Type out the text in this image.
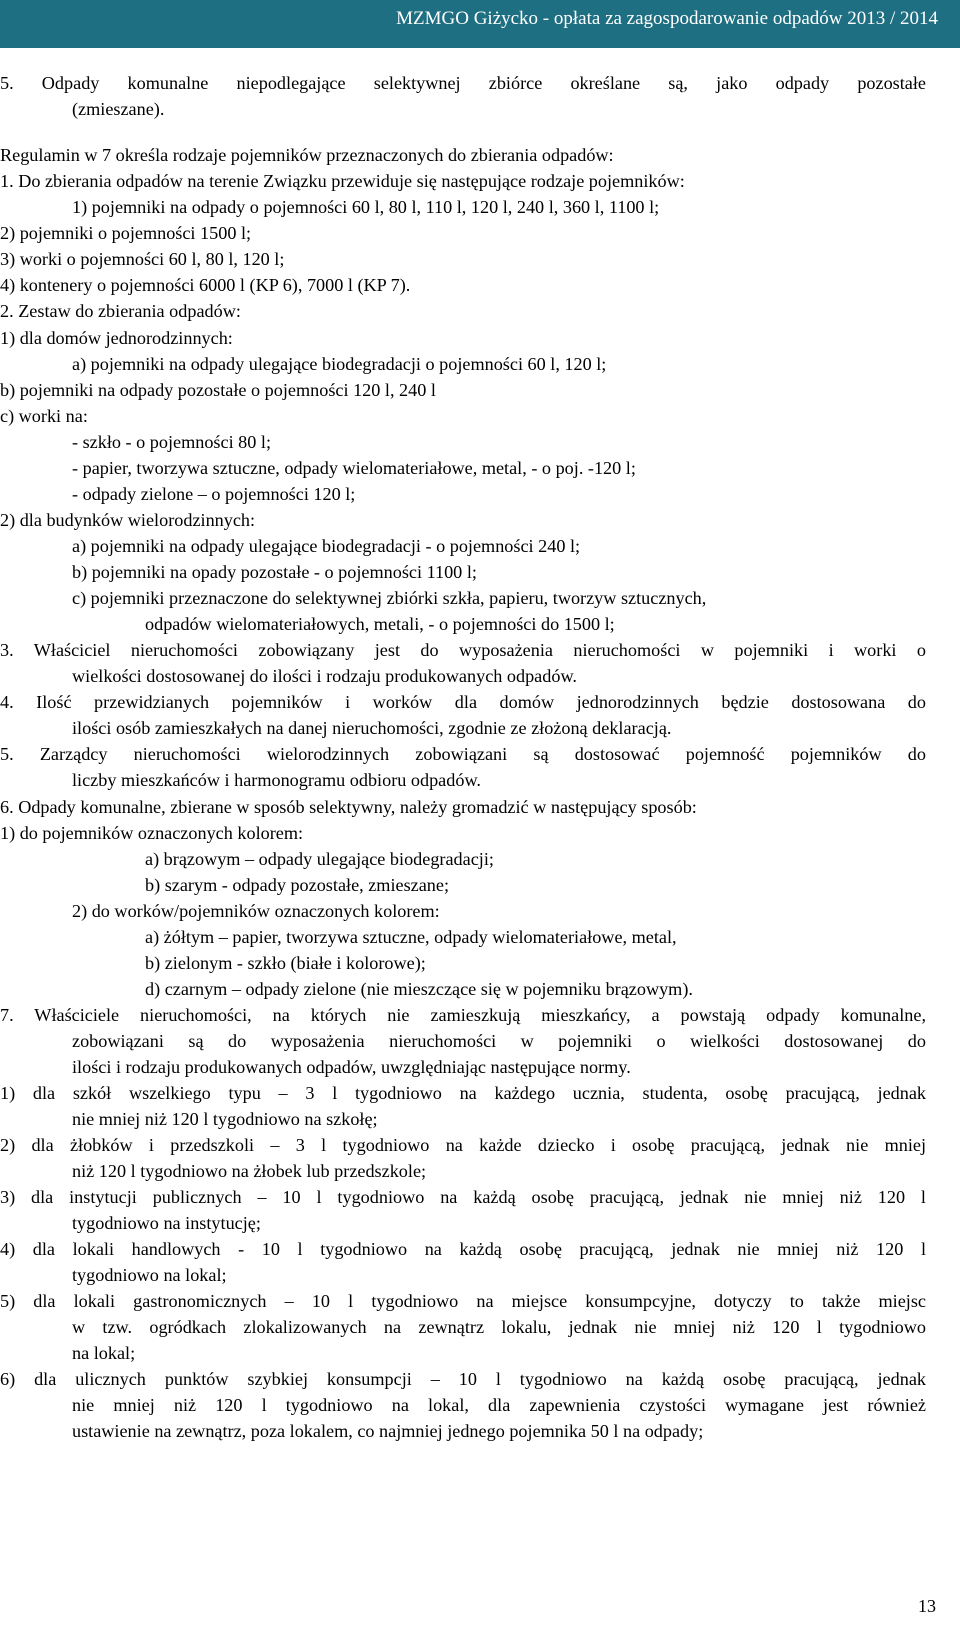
MZMGO Giżycko - opłata za zagospodarowanie odpadów 2013 / 2014
5. Odpady komunalne niepodlegające selektywnej zbiórce określane są, jako odpady pozostałe
(zmieszane).
Regulamin w 7 określa rodzaje pojemników przeznaczonych do zbierania odpadów:
1. Do zbierania odpadów na terenie Związku przewiduje się następujące rodzaje pojemników:
1) pojemniki na odpady o pojemności 60 l, 80 l, 110 l, 120 l, 240 l, 360 l, 1100 l;
2) pojemniki o pojemności 1500 l;
3) worki o pojemności 60 l, 80 l, 120 l;
4) kontenery o pojemności 6000 l (KP 6), 7000 l (KP 7).
2. Zestaw do zbierania odpadów:
1) dla domów jednorodzinnych:
a) pojemniki na odpady ulegające biodegradacji o pojemności 60 l, 120 l;
b) pojemniki na odpady pozostałe o pojemności 120 l, 240 l
c) worki na:
- szkło - o pojemności 80 l;
- papier, tworzywa sztuczne, odpady wielomateriałowe, metal, - o poj. -120 l;
- odpady zielone – o pojemności 120 l;
2) dla budynków wielorodzinnych:
a) pojemniki na odpady ulegające biodegradacji - o pojemności 240 l;
b) pojemniki na opady pozostałe - o pojemności 1100 l;
c) pojemniki przeznaczone do selektywnej zbiórki szkła, papieru, tworzyw sztucznych,
odpadów wielomateriałowych, metali, - o pojemności do 1500 l;
3. Właściciel nieruchomości zobowiązany jest do wyposażenia nieruchomości w pojemniki i worki o
wielkości dostosowanej do ilości i rodzaju produkowanych odpadów.
4. Ilość przewidzianych pojemników i worków dla domów jednorodzinnych będzie dostosowana do
ilości osób zamieszkałych na danej nieruchomości, zgodnie ze złożoną deklaracją.
5. Zarządcy nieruchomości wielorodzinnych zobowiązani są dostosować pojemność pojemników do
liczby mieszkańców i harmonogramu odbioru odpadów.
6. Odpady komunalne, zbierane w sposób selektywny, należy gromadzić w następujący sposób:
1) do pojemników oznaczonych kolorem:
a) brązowym – odpady ulegające biodegradacji;
b) szarym - odpady pozostałe, zmieszane;
2) do worków/pojemników oznaczonych kolorem:
a) żółtym – papier, tworzywa sztuczne, odpady wielomateriałowe, metal,
b) zielonym - szkło (białe i kolorowe);
d) czarnym – odpady zielone (nie mieszczące się w pojemniku brązowym).
7. Właściciele nieruchomości, na których nie zamieszkują mieszkańcy, a powstają odpady komunalne,
zobowiązani są do wyposażenia nieruchomości w pojemniki o wielkości dostosowanej do
ilości i rodzaju produkowanych odpadów, uwzględniając następujące normy.
1) dla szkół wszelkiego typu – 3 l tygodniowo na każdego ucznia, studenta, osobę pracującą, jednak
nie mniej niż 120 l tygodniowo na szkołę;
2) dla żłobków i przedszkoli – 3 l tygodniowo na każde dziecko i osobę pracującą, jednak nie mniej
niż 120 l tygodniowo na żłobek lub przedszkole;
3) dla instytucji publicznych – 10 l tygodniowo na każdą osobę pracującą, jednak nie mniej niż 120 l
tygodniowo na instytucję;
4) dla lokali handlowych - 10 l tygodniowo na każdą osobę pracującą, jednak nie mniej niż 120 l
tygodniowo na lokal;
5) dla lokali gastronomicznych – 10 l tygodniowo na miejsce konsumpcyjne, dotyczy to także miejsc
w tzw. ogródkach zlokalizowanych na zewnątrz lokalu, jednak nie mniej niż 120 l tygodniowo
na lokal;
6) dla ulicznych punktów szybkiej konsumpcji – 10 l tygodniowo na każdą osobę pracującą, jednak
nie mniej niż 120 l tygodniowo na lokal, dla zapewnienia czystości wymagane jest również
ustawienie na zewnątrz, poza lokalem, co najmniej jednego pojemnika 50 l na odpady;
13
